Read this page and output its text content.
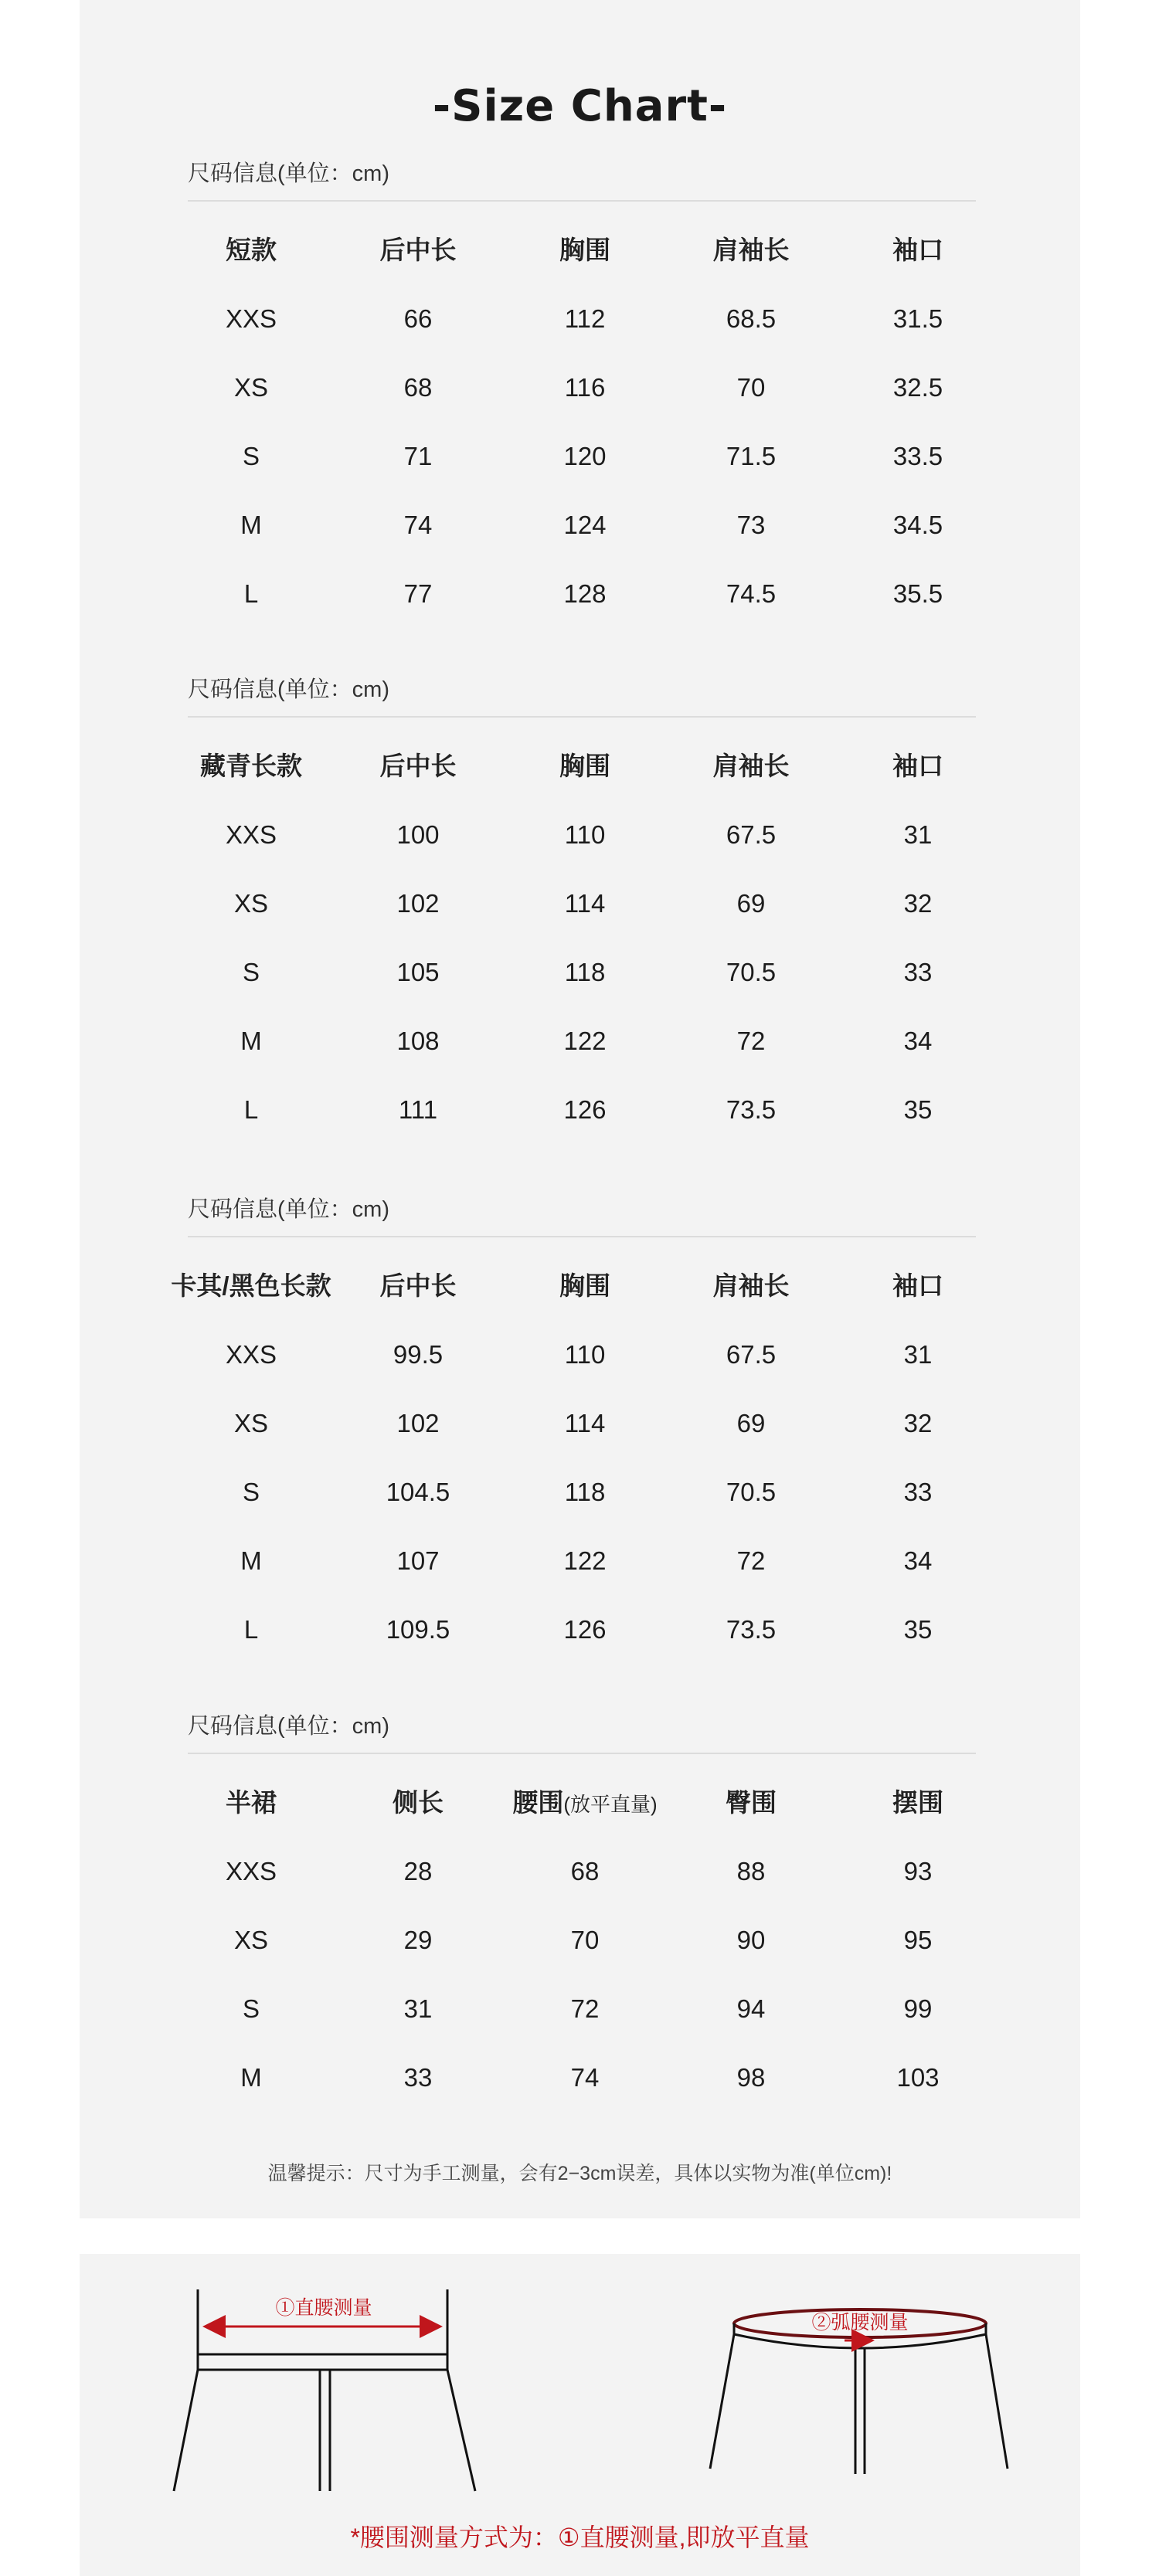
-Size Chart-
尺码信息(单位：cm)
短款	后中长	胸围	肩袖长	袖口
XXS	66	112	68.5	31.5
XS	68	116	70	32.5
S	71	120	71.5	33.5
M	74	124	73	34.5
L	77	128	74.5	35.5
尺码信息(单位：cm)
藏青长款	后中长	胸围	肩袖长	袖口
XXS	100	110	67.5	31
XS	102	114	69	32
S	105	118	70.5	33
M	108	122	72	34
L	111	126	73.5	35
尺码信息(单位：cm)
卡其/黑色长款	后中长	胸围	肩袖长	袖口
XXS	99.5	110	67.5	31
XS	102	114	69	32
S	104.5	118	70.5	33
M	107	122	72	34
L	109.5	126	73.5	35
尺码信息(单位：cm)
半裙	侧长	腰围(放平直量)	臀围	摆围
XXS	28	68	88	93
XS	29	70	90	95
S	31	72	94	99
M	33	74	98	103
温馨提示：尺寸为手工测量，会有2−3cm误差，具体以实物为准(单位cm)!
①直腰测量
②弧腰测量
*腰围测量方式为：①直腰测量,即放平直量
